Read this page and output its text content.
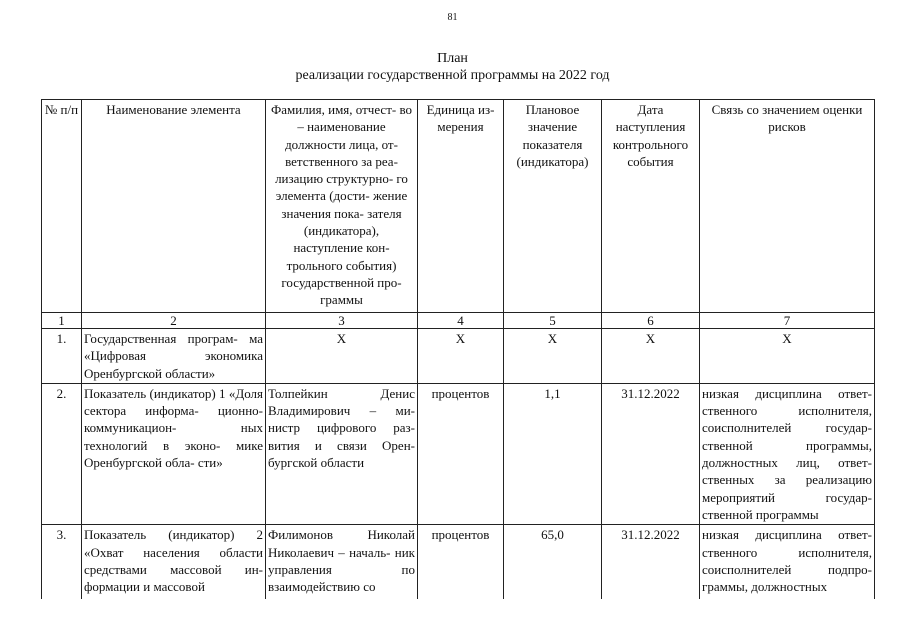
81
План
реализации государственной программы на 2022 год
№ п/п	Наименование элемента	Фамилия, имя, отчест- во – наименование должности лица, от- ветственного за реа- лизацию структурно- го элемента (дости- жение значения пока- зателя (индикатора), наступление кон- трольного события) государственной про- граммы	Единица из- мерения	Плановое значение показателя (индикатора)	Дата наступления контрольного события	Связь со значением оценки рисков
1	2	3	4	5	6	7
1.	Государственная програм- ма «Цифровая экономика Оренбургской области»	Х	Х	Х	Х	Х
2.	Показатель (индикатор) 1 «Доля сектора информа- ционно-коммуникацион- ных технологий в эконо- мике Оренбургской обла- сти»	Толпейкин Денис Владимирович – ми- нистр цифрового раз- вития и связи Орен- бургской области	процентов	1,1	31.12.2022	низкая дисциплина ответ- ственного исполнителя, соисполнителей государ- ственной программы, должностных лиц, ответ- ственных за реализацию мероприятий государ- ственной программы

3.	Показатель (индикатор) 2 «Охват населения области средствами массовой ин- формации и массовой	Филимонов Николай Николаевич – началь- ник управления по взаимодействию со	процентов	65,0	31.12.2022	низкая дисциплина ответ- ственного исполнителя, соисполнителей подпро- граммы, должностных
